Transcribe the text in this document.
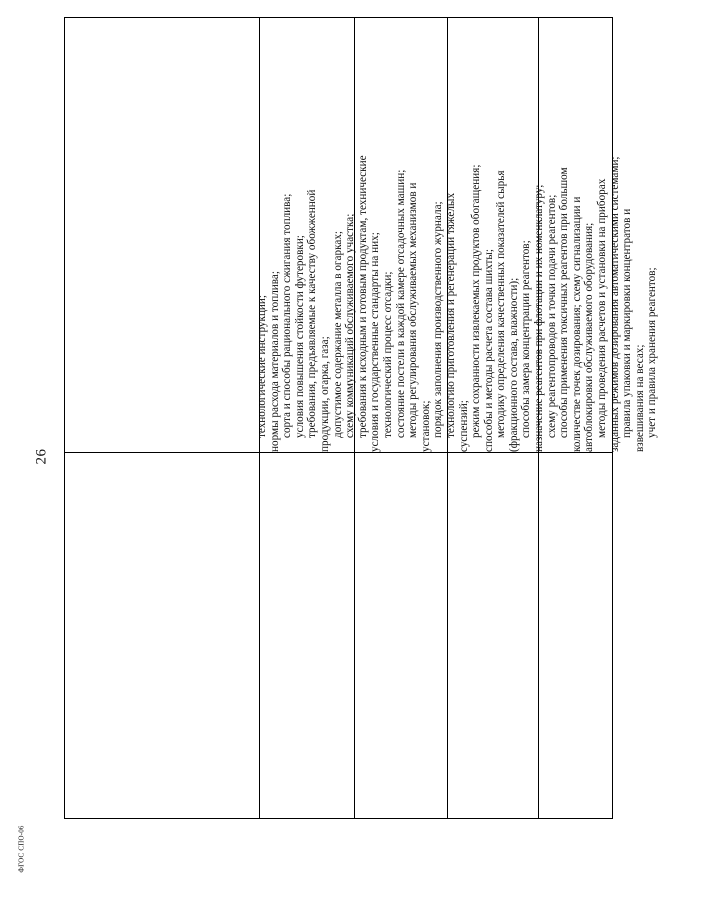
26
ФГОС СПО-06
технологические инструкции; нормы расхода материалов и топлива; сорта и способы рационального сжигания топлива; условия повышения стойкости футеровки; требования, предъявляемые к качеству обожженной продукции, огарка, газа; допустимое содержание металла в огарках; схему коммуникаций обслуживаемого участка; требования к исходным и готовым продуктам, технические условия и государственные стандарты на них; технологический процесс отсадки; состояние постели в каждой камере отсадочных машин; методы регулирования обслуживаемых механизмов и установок; порядок заполнения производственного журнала; технологию приготовления и регенерации тяжелых суспензий; режим сохранности извлекаемых продуктов обогащения; способы и методы расчета состава шихты; методику определения качественных показателей сырья (фракционного состава, влажности); способы замера концентрации реагентов; назначение реагентов при флотации и их номенклатуру; схему реагентопроводов и точки подачи реагентов; способы применения токсичных реагентов при большом количестве точек дозирования; схему сигнализации и автоблокировки обслуживаемого оборудования; методы проведения расчетов и установки на приборах заданных режимов дозирования автоматическими системами; правила упаковки и маркировки концентратов и взвешивания на весах; учет и правила хранения реагентов;
